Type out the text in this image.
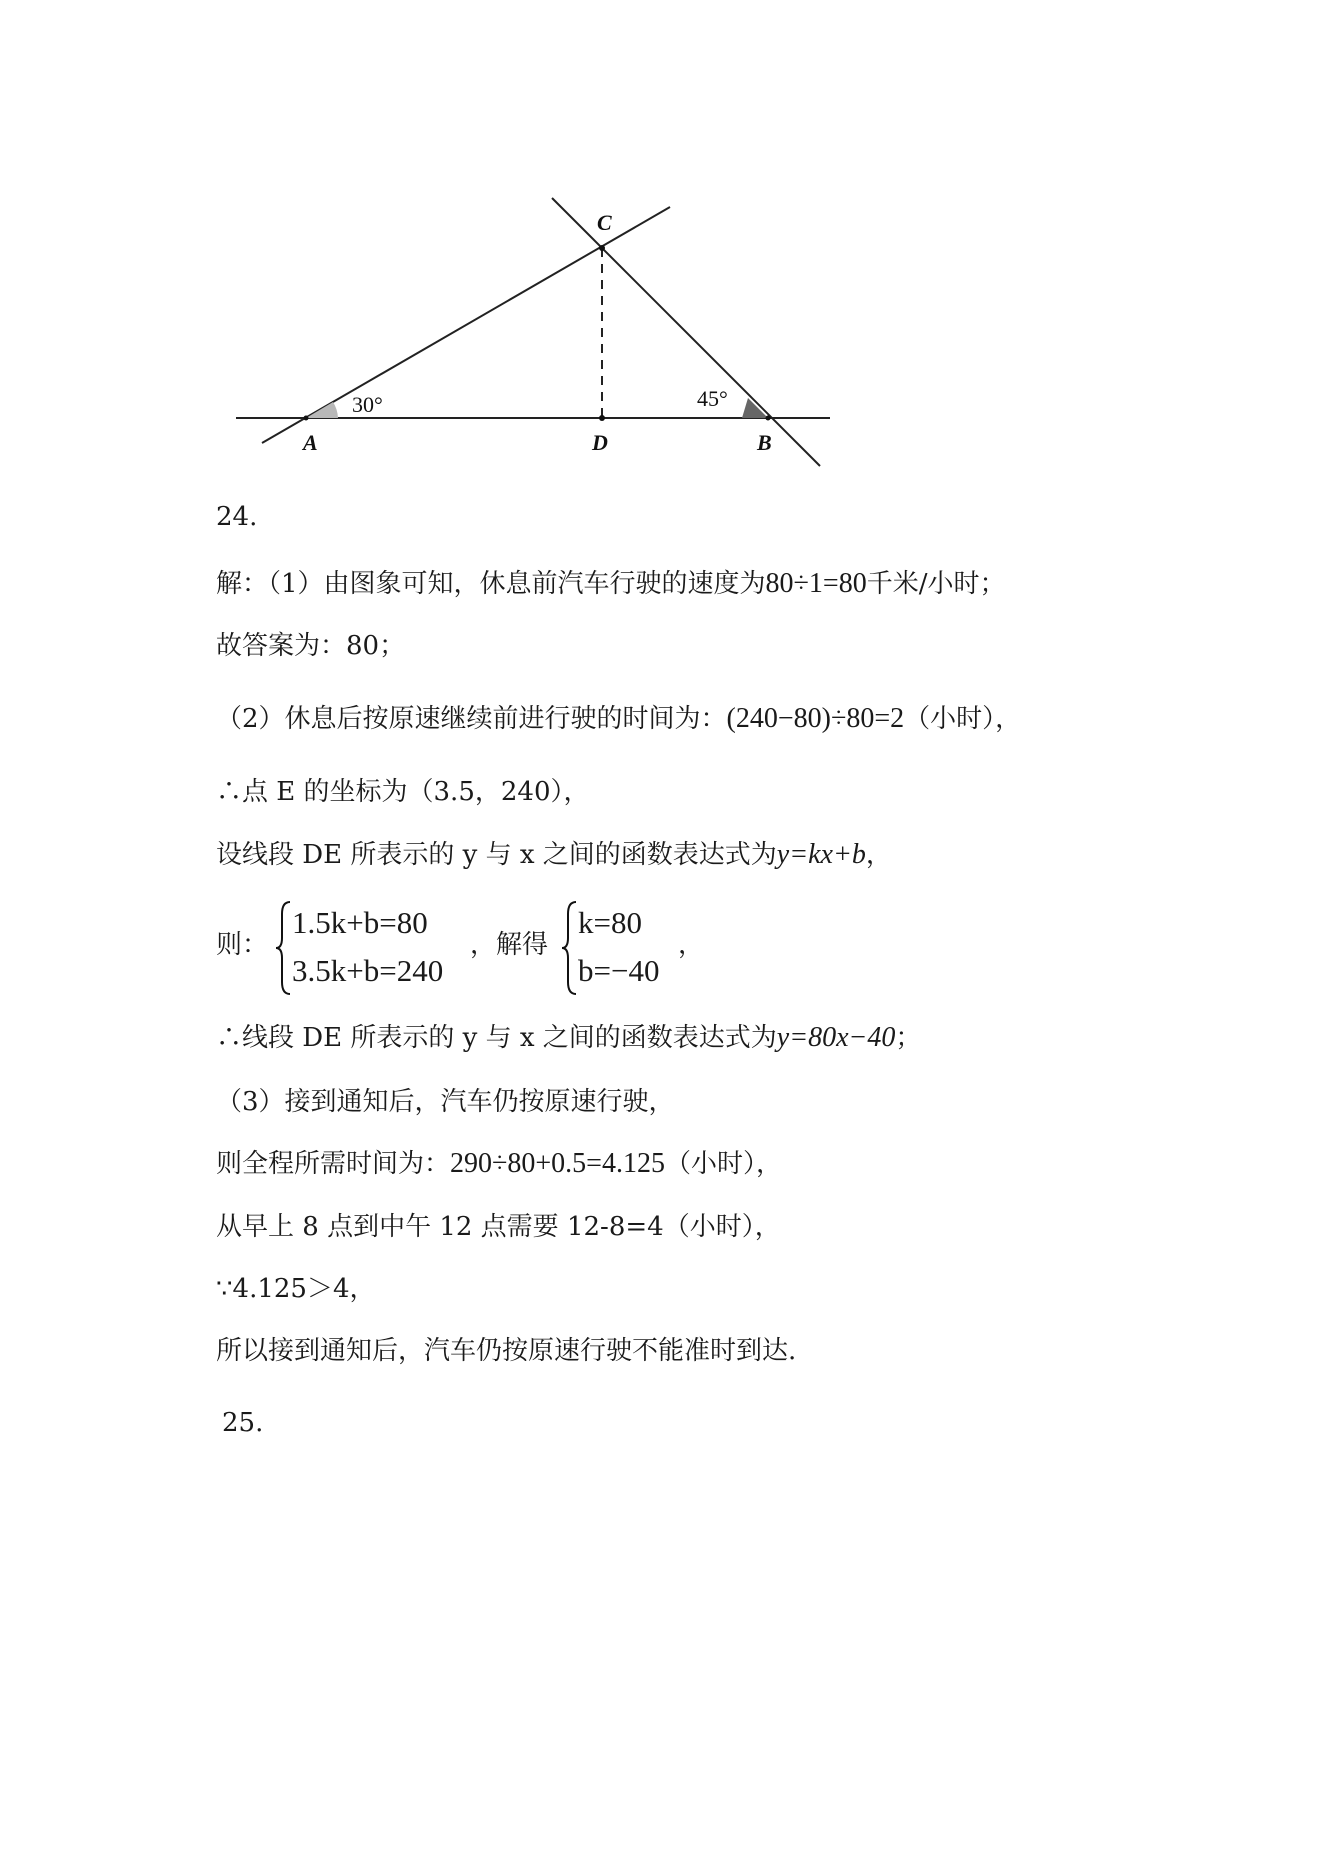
C
A	D	B
30°	45°
24.
解：（1）由图象可知，休息前汽车行驶的速度为80÷1=80千米/小时；
故答案为：80；
（2）休息后按原速继续前进行驶的时间为：(240−80)÷80=2（小时），
∴点 E 的坐标为（3.5，240），
设线段 DE 所表示的 y 与 x 之间的函数表达式为y=kx+b，
则：
1.5k+b=80
3.5k+b=240
，解得
k=80
b=−40
，
∴线段 DE 所表示的 y 与 x 之间的函数表达式为y=80x−40；
（3）接到通知后，汽车仍按原速行驶，
则全程所需时间为：290÷80+0.5=4.125（小时），
从早上 8 点到中午 12 点需要 12-8=4（小时），
∵4.125＞4，
所以接到通知后，汽车仍按原速行驶不能准时到达.
25.
